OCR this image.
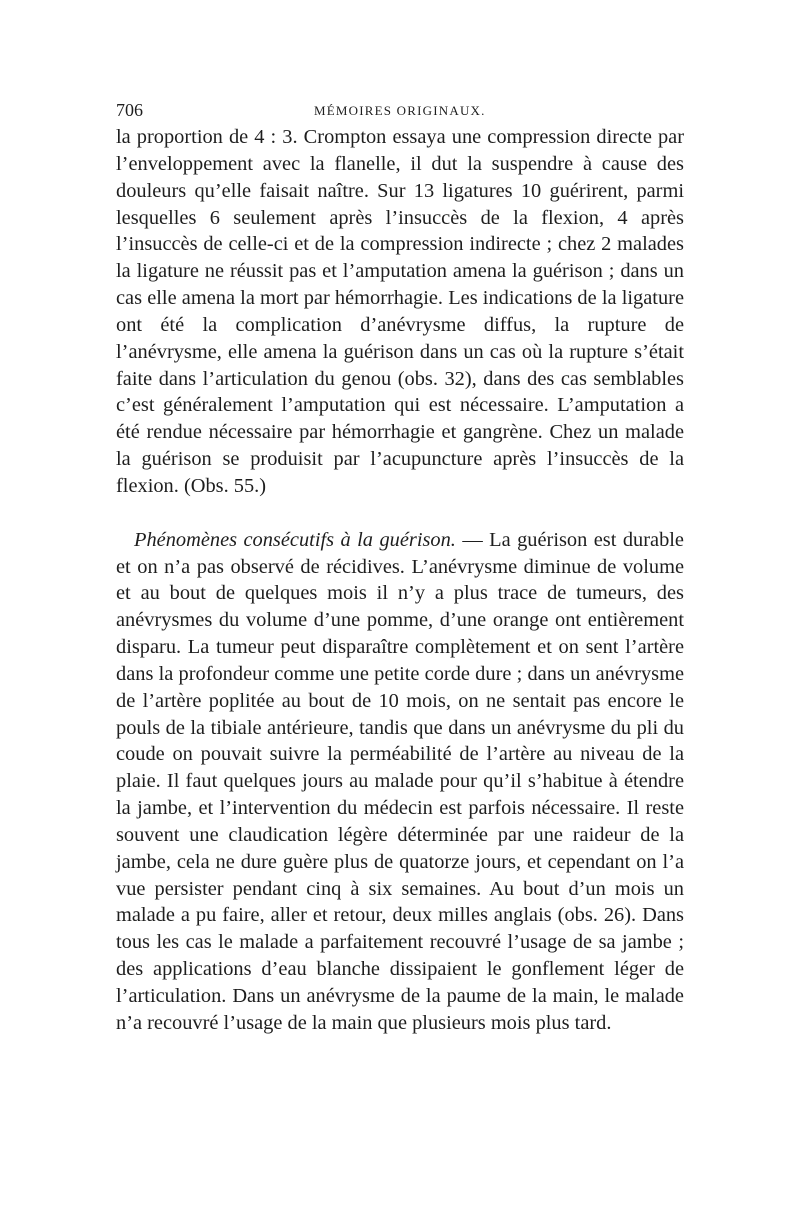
706	MÉMOIRES ORIGINAUX.

la proportion de 4 : 3. Crompton essaya une compression directe par l’enveloppement avec la flanelle, il dut la suspendre à cause des douleurs qu’elle faisait naître. Sur 13 ligatures 10 guérirent, parmi lesquelles 6 seulement après l’insuccès de la flexion, 4 après l’insuccès de celle-ci et de la compression indirecte ; chez 2 malades la ligature ne réussit pas et l’amputation amena la guérison ; dans un cas elle amena la mort par hémorrhagie. Les indications de la ligature ont été la complication d’anévrysme diffus, la rupture de l’anévrysme, elle amena la guérison dans un cas où la rupture s’était faite dans l’articulation du genou (obs. 32), dans des cas semblables c’est généralement l’amputation qui est nécessaire. L’amputation a été rendue nécessaire par hémorrhagie et gangrène. Chez un malade la guérison se produisit par l’acupuncture après l’insuccès de la flexion. (Obs. 55.)

Phénomènes consécutifs à la guérison. — La guérison est durable et on n’a pas observé de récidives. L’anévrysme diminue de volume et au bout de quelques mois il n’y a plus trace de tumeurs, des anévrysmes du volume d’une pomme, d’une orange ont entièrement disparu. La tumeur peut disparaître complètement et on sent l’artère dans la profondeur comme une petite corde dure ; dans un anévrysme de l’artère poplitée au bout de 10 mois, on ne sentait pas encore le pouls de la tibiale antérieure, tandis que dans un anévrysme du pli du coude on pouvait suivre la perméabilité de l’artère au niveau de la plaie. Il faut quelques jours au malade pour qu’il s’habitue à étendre la jambe, et l’intervention du médecin est parfois nécessaire. Il reste souvent une claudication légère déterminée par une raideur de la jambe, cela ne dure guère plus de quatorze jours, et cependant on l’a vue persister pendant cinq à six semaines. Au bout d’un mois un malade a pu faire, aller et retour, deux milles anglais (obs. 26). Dans tous les cas le malade a parfaitement recouvré l’usage de sa jambe ; des applications d’eau blanche dissipaient le gonflement léger de l’articulation. Dans un anévrysme de la paume de la main, le malade n’a recouvré l’usage de la main que plusieurs mois plus tard.
